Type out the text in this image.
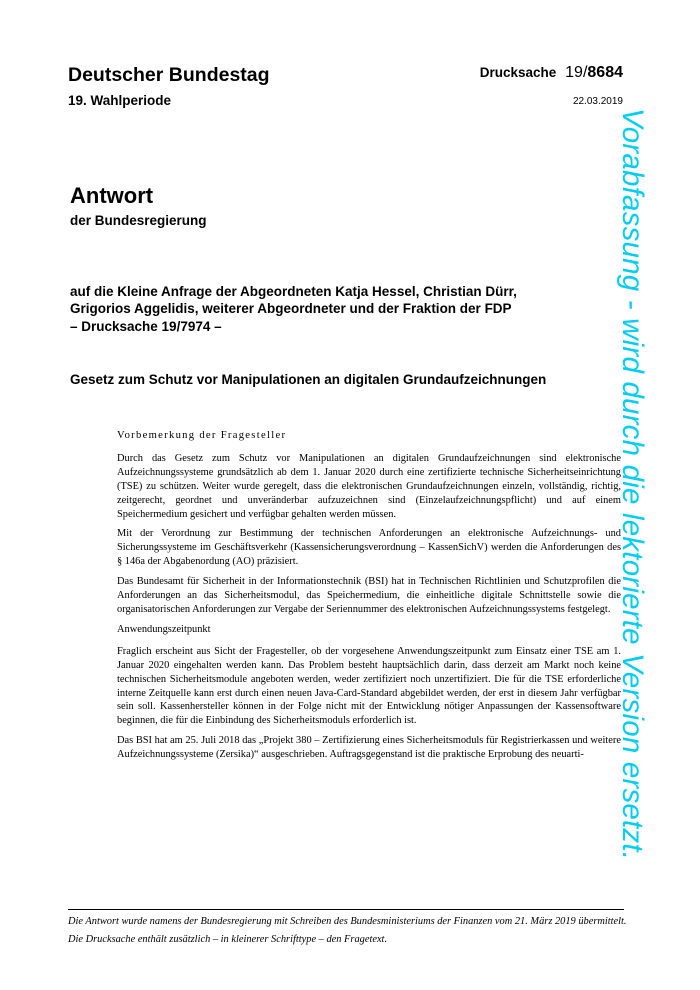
Deutscher Bundestag
19. Wahlperiode
Drucksache 19/8684
22.03.2019
Antwort
der Bundesregierung
auf die Kleine Anfrage der Abgeordneten Katja Hessel, Christian Dürr,
Grigorios Aggelidis, weiterer Abgeordneter und der Fraktion der FDP
– Drucksache 19/7974 –
Gesetz zum Schutz vor Manipulationen an digitalen Grundaufzeichnungen
Vorbemerkung der Fragesteller

Durch das Gesetz zum Schutz vor Manipulationen an digitalen Grundaufzeichnungen sind elektronische Aufzeichnungssysteme grundsätzlich ab dem 1. Januar 2020 durch eine zertifizierte technische Sicherheitseinrichtung (TSE) zu schützen. Weiter wurde geregelt, dass die elektronischen Grundaufzeichnungen einzeln, vollständig, richtig, zeitgerecht, geordnet und unveränderbar aufzuzeichnen sind (Einzelaufzeichnungspflicht) und auf einem Speichermedium gesichert und verfügbar gehalten werden müssen.

Mit der Verordnung zur Bestimmung der technischen Anforderungen an elektronische Aufzeichnungs- und Sicherungssysteme im Geschäftsverkehr (Kassensicherungsverordnung – KassenSichV) werden die Anforderungen des § 146a der Abgabenordung (AO) präzisiert.

Das Bundesamt für Sicherheit in der Informationstechnik (BSI) hat in Technischen Richtlinien und Schutzprofilen die Anforderungen an das Sicherheitsmodul, das Speichermedium, die einheitliche digitale Schnittstelle sowie die organisatorischen Anforderungen zur Vergabe der Seriennummer des elektronischen Aufzeichnungssystems festgelegt.

Anwendungszeitpunkt

Fraglich erscheint aus Sicht der Fragesteller, ob der vorgesehene Anwendungszeitpunkt zum Einsatz einer TSE am 1. Januar 2020 eingehalten werden kann. Das Problem besteht hauptsächlich darin, dass derzeit am Markt noch keine technischen Sicherheitsmodule angeboten werden, weder zertifiziert noch unzertifiziert. Die für die TSE erforderliche interne Zeitquelle kann erst durch einen neuen Java-Card-Standard abgebildet werden, der erst in diesem Jahr verfügbar sein soll. Kassenhersteller können in der Folge nicht mit der Entwicklung nötiger Anpassungen der Kassensoftware beginnen, die für die Einbindung des Sicherheitsmoduls erforderlich ist.

Das BSI hat am 25. Juli 2018 das „Projekt 380 – Zertifizierung eines Sicherheitsmoduls für Registrierkassen und weitere Aufzeichnungssysteme (Zersika)“ ausgeschrieben. Auftragsgegenstand ist die praktische Erprobung des neuarti-

Die Antwort wurde namens der Bundesregierung mit Schreiben des Bundesministeriums der Finanzen vom 21. März 2019 übermittelt.

Die Drucksache enthält zusätzlich – in kleinerer Schrifttype – den Fragetext.

Vorabfassung - wird durch die lektorierte Version ersetzt.
